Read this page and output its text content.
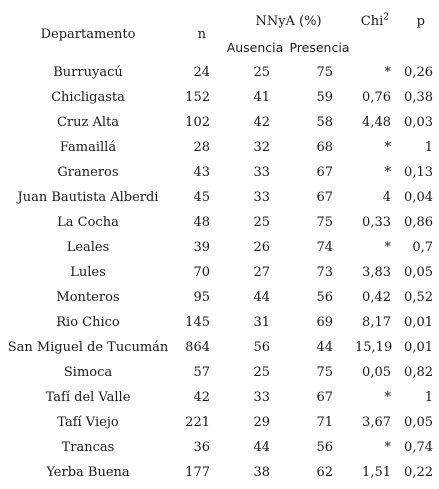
Departamento	n	NNyA (%)		Chi$^2$	p
		Ausencia	Presencia		
Burruyacú	24	25	75	*	0,26
Chicligasta	152	41	59	0,76	0,38
Cruz Alta	102	42	58	4,48	0,03
Famaillá	28	32	68	*	1
Graneros	43	33	67	*	0,13
Juan Bautista Alberdi	45	33	67	4	0,04
La Cocha	48	25	75	0,33	0,86
Leales	39	26	74	*	0,7
Lules	70	27	73	3,83	0,05
Monteros	95	44	56	0,42	0,52
Rio Chico	145	31	69	8,17	0,01
San Miguel de Tucumán	864	56	44	15,19	0,01
Simoca	57	25	75	0,05	0,82
Tafí del Valle	42	33	67	*	1
Tafí Viejo	221	29	71	3,67	0,05
Trancas	36	44	56	*	0,74
Yerba Buena	177	38	62	1,51	0,22
